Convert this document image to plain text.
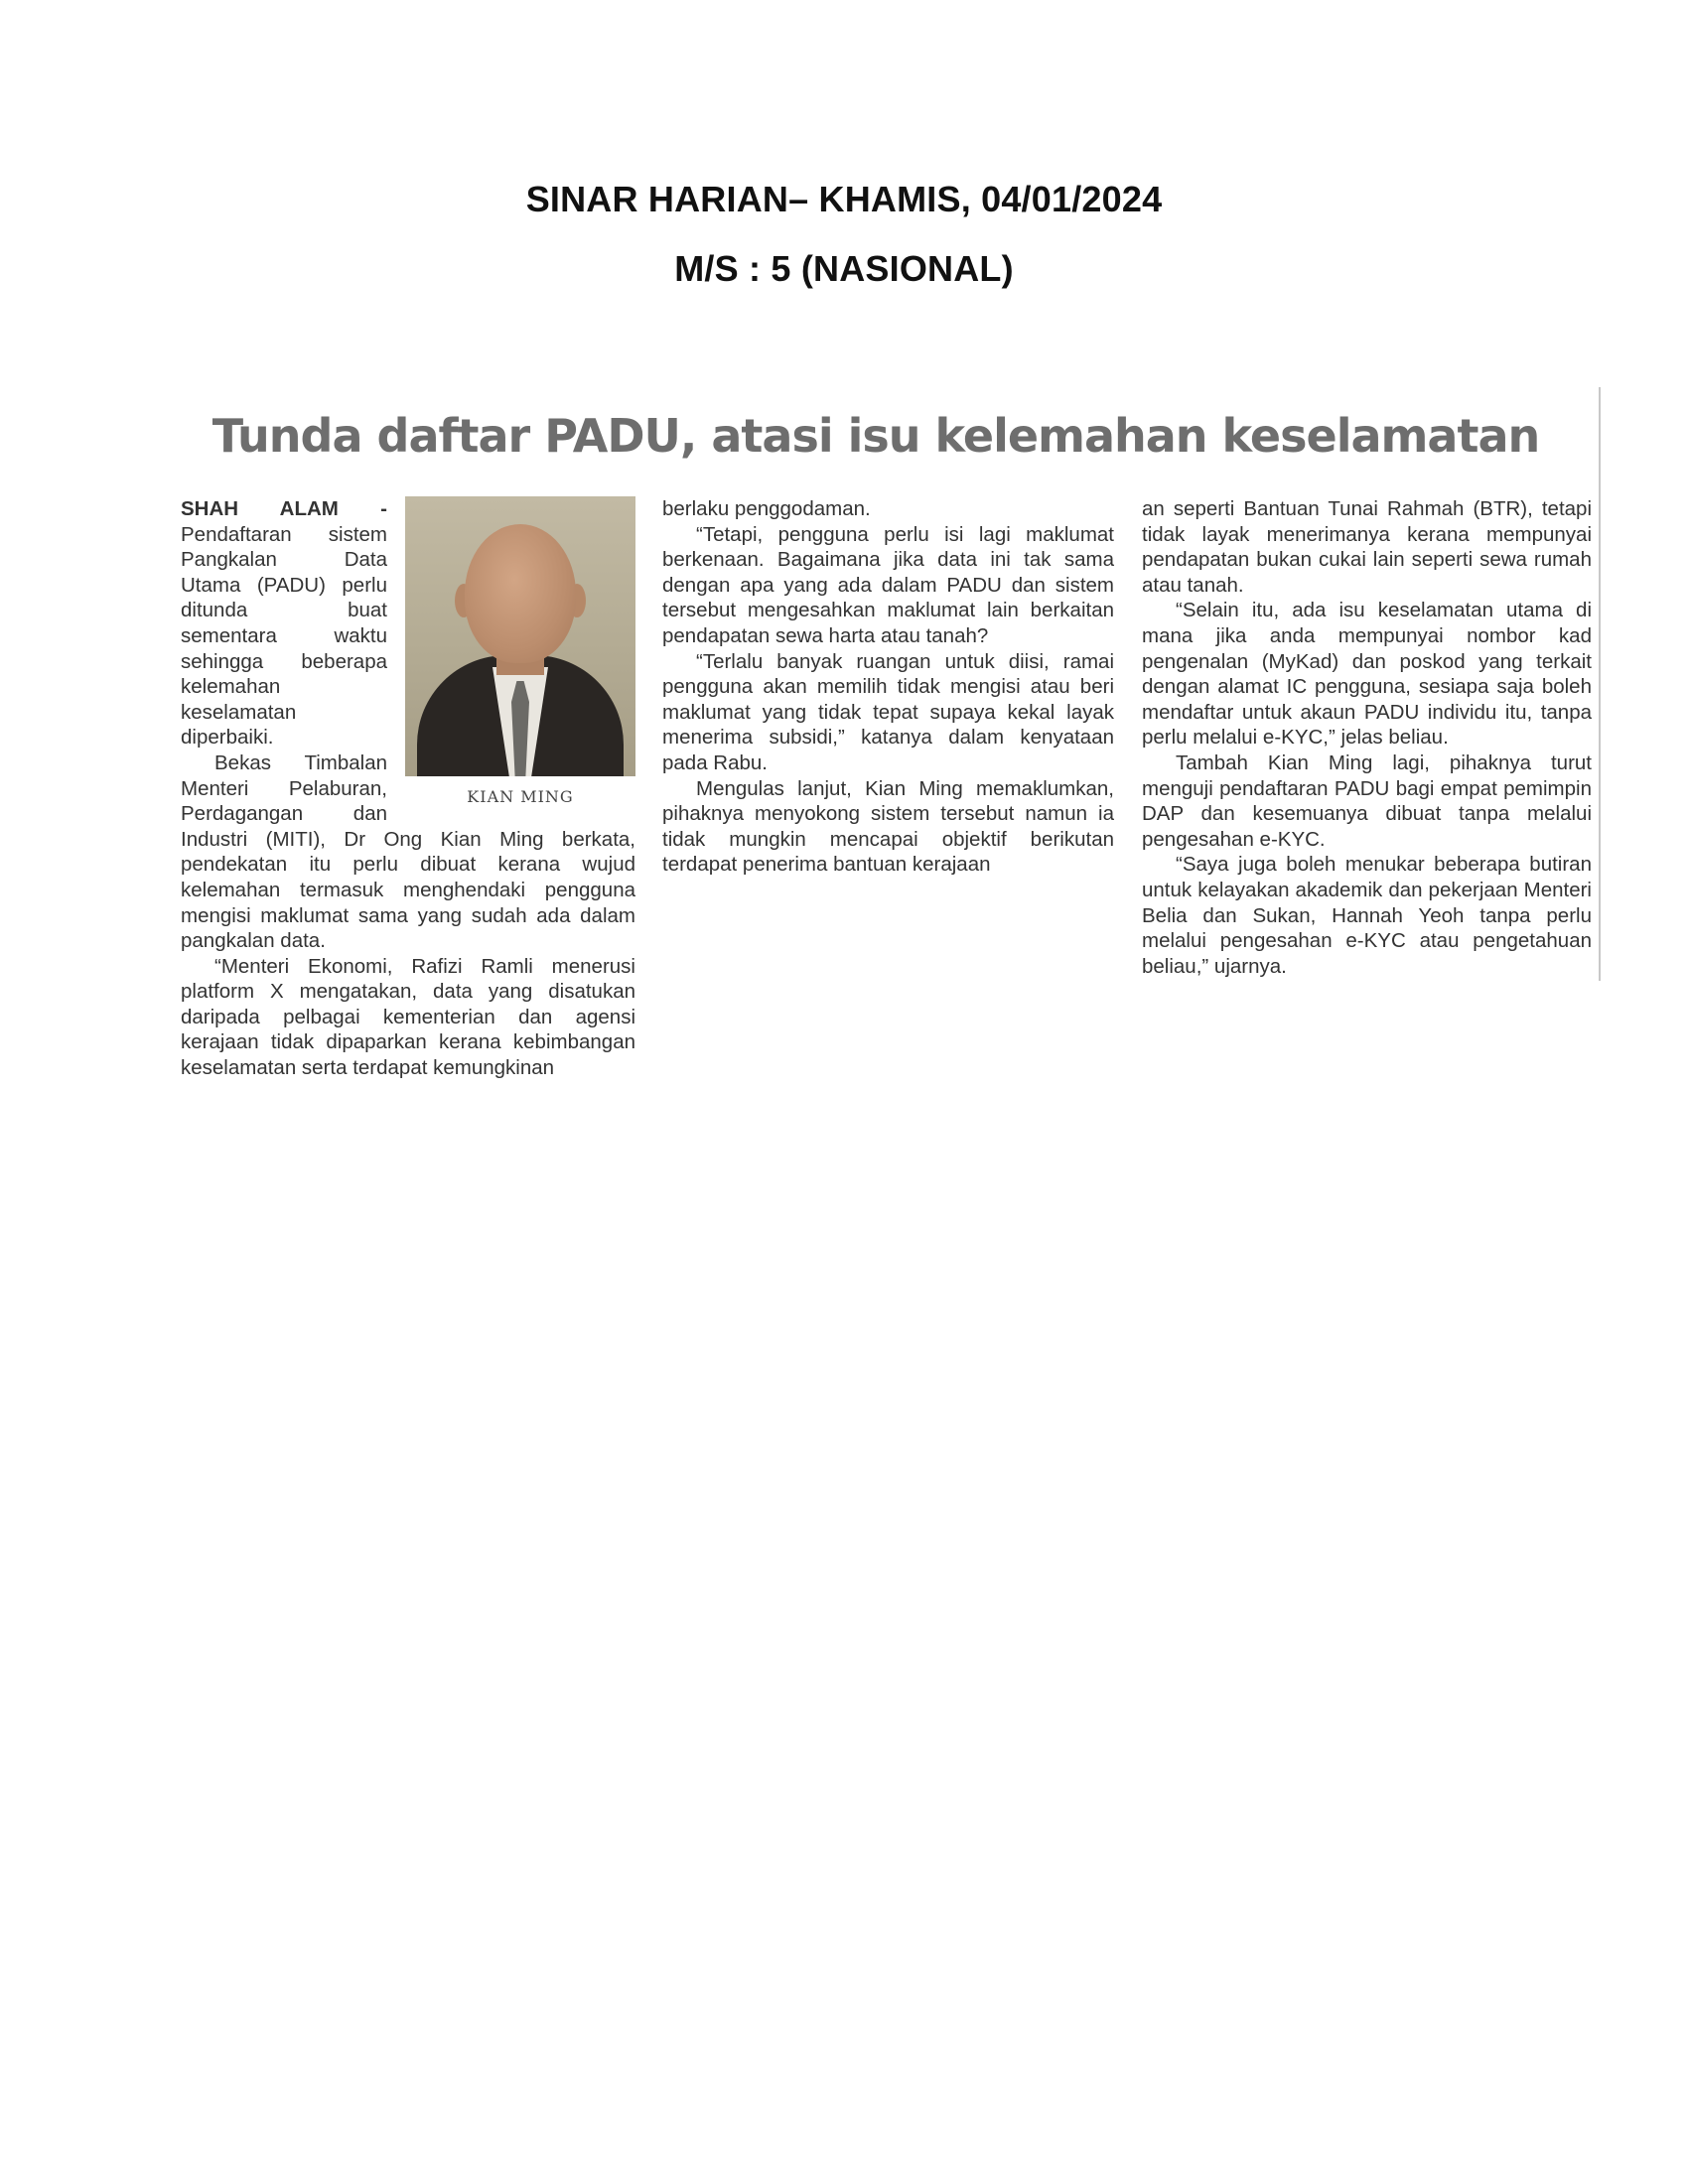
SINAR HARIAN– KHAMIS, 04/01/2024
M/S : 5 (NASIONAL)
Tunda daftar PADU, atasi isu kelemahan keselamatan
KIAN MING

SHAH ALAM - Pendaftaran sistem Pangkalan Data Utama (PADU) perlu ditunda buat sementara waktu sehingga beberapa kelemahan keselamatan diperbaiki.

Bekas Timbalan Menteri Pelaburan, Perdagangan dan Industri (MITI), Dr Ong Kian Ming berkata, pendekatan itu perlu dibuat kerana wujud kelemahan termasuk menghendaki pengguna mengisi maklumat sama yang sudah ada dalam pangkalan data.

“Menteri Ekonomi, Rafizi Ramli menerusi platform X mengatakan, data yang disatukan daripada pelbagai kementerian dan agensi kerajaan tidak dipaparkan kerana kebimbangan keselamatan serta terdapat kemungkinan

berlaku penggodaman.

“Tetapi, pengguna perlu isi lagi maklumat berkenaan. Bagaimana jika data ini tak sama dengan apa yang ada dalam PADU dan sistem tersebut mengesahkan maklumat lain berkaitan pendapatan sewa harta atau tanah?

“Terlalu banyak ruangan untuk diisi, ramai pengguna akan memilih tidak mengisi atau beri maklumat yang tidak tepat supaya kekal layak menerima subsidi,” katanya dalam kenyataan pada Rabu.

Mengulas lanjut, Kian Ming memaklumkan, pihaknya menyokong sistem tersebut namun ia tidak mungkin mencapai objektif berikutan terdapat penerima bantuan kerajaan

an seperti Bantuan Tunai Rahmah (BTR), tetapi tidak layak menerimanya kerana mempunyai pendapatan bukan cukai lain seperti sewa rumah atau tanah.

“Selain itu, ada isu keselamatan utama di mana jika anda mempunyai nombor kad pengenalan (MyKad) dan poskod yang terkait dengan alamat IC pengguna, sesiapa saja boleh mendaftar untuk akaun PADU individu itu, tanpa perlu melalui e-KYC,” jelas beliau.

Tambah Kian Ming lagi, pihaknya turut menguji pendaftaran PADU bagi empat pemimpin DAP dan kesemuanya dibuat tanpa melalui pengesahan e-KYC.

“Saya juga boleh menukar beberapa butiran untuk kelayakan akademik dan pekerjaan Menteri Belia dan Sukan, Hannah Yeoh tanpa perlu melalui pengesahan e-KYC atau pengetahuan beliau,” ujarnya.
